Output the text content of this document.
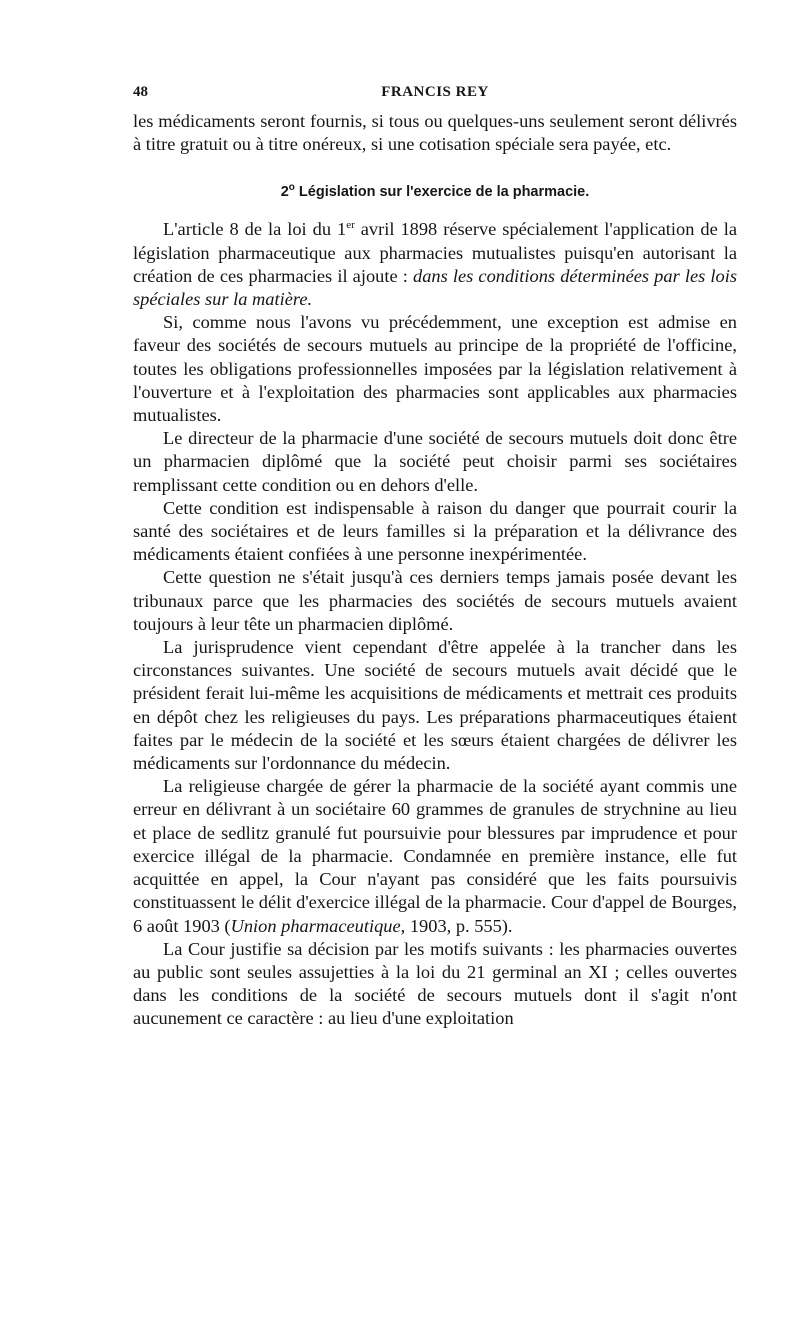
48	FRANCIS REY

les médicaments seront fournis, si tous ou quelques-uns seulement seront délivrés à titre gratuit ou à titre onéreux, si une cotisation spéciale sera payée, etc.

2$^o$ Législation sur l'exercice de la pharmacie.

L'article 8 de la loi du 1er avril 1898 réserve spécialement l'application de la législation pharmaceutique aux pharmacies mutualistes puisqu'en autorisant la création de ces pharmacies il ajoute : dans les conditions déterminées par les lois spéciales sur la matière.

Si, comme nous l'avons vu précédemment, une exception est admise en faveur des sociétés de secours mutuels au principe de la propriété de l'officine, toutes les obligations professionnelles imposées par la législation relativement à l'ouverture et à l'exploitation des pharmacies sont applicables aux pharmacies mutualistes.

Le directeur de la pharmacie d'une société de secours mutuels doit donc être un pharmacien diplômé que la société peut choisir parmi ses sociétaires remplissant cette condition ou en dehors d'elle.

Cette condition est indispensable à raison du danger que pourrait courir la santé des sociétaires et de leurs familles si la préparation et la délivrance des médicaments étaient confiées à une personne inexpérimentée.

Cette question ne s'était jusqu'à ces derniers temps jamais posée devant les tribunaux parce que les pharmacies des sociétés de secours mutuels avaient toujours à leur tête un pharmacien diplômé.

La jurisprudence vient cependant d'être appelée à la trancher dans les circonstances suivantes. Une société de secours mutuels avait décidé que le président ferait lui-même les acquisitions de médicaments et mettrait ces produits en dépôt chez les religieuses du pays. Les préparations pharmaceutiques étaient faites par le médecin de la société et les sœurs étaient chargées de délivrer les médicaments sur l'ordonnance du médecin.

La religieuse chargée de gérer la pharmacie de la société ayant commis une erreur en délivrant à un sociétaire 60 grammes de granules de strychnine au lieu et place de sedlitz granulé fut poursuivie pour blessures par imprudence et pour exercice illégal de la pharmacie. Condamnée en première instance, elle fut acquittée en appel, la Cour n'ayant pas considéré que les faits poursuivis constituassent le délit d'exercice illégal de la pharmacie. Cour d'appel de Bourges, 6 août 1903 (Union pharmaceutique, 1903, p. 555).

La Cour justifie sa décision par les motifs suivants : les pharmacies ouvertes au public sont seules assujetties à la loi du 21 germinal an XI ; celles ouvertes dans les conditions de la société de secours mutuels dont il s'agit n'ont aucunement ce caractère : au lieu d'une exploitation
